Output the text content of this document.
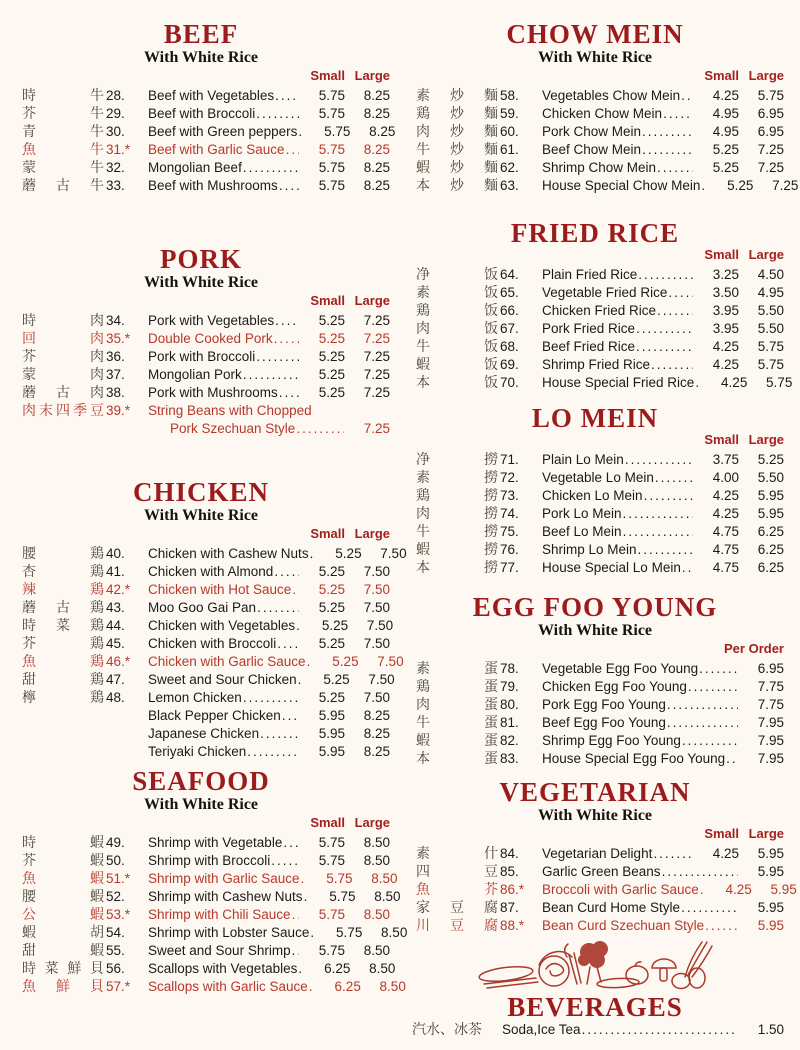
BEEF
With White Rice
Small Large
時	牛 28.	Beef with Vegetables .....	5.75	8.25
芥	牛 29.	Beef with Broccoli .....	5.75	8.25
青	牛 30.	Beef with Green peppers .....	5.75	8.25
魚	牛 31.*	Beef with Garlic Sauce .....	5.75	8.25
蒙	牛 32.	Mongolian Beef .....	5.75	8.25
蘑 古 牛 33.	Beef with Mushrooms .....	5.75	8.25
PORK
With White Rice
Small Large
時	肉 34.	Pork with Vegetables .....	5.25	7.25
回	肉 35.*	Double Cooked Pork .....	5.25	7.25
芥	肉 36.	Pork with Broccoli .....	5.25	7.25
蒙	肉 37.	Mongolian Pork .....	5.25	7.25
蘑 古 肉 38.	Pork with Mushrooms .....	5.25	7.25
肉 末 四 季 豆 39.*	String Beans with Chopped
Pork Szechuan Style .....	7.25
CHICKEN
With White Rice
Small Large
腰	鶏 40.	Chicken with Cashew Nuts .....	5.25	7.50
杏	鶏 41.	Chicken with Almond .....	5.25	7.50
辣	鶏 42.*	Chicken with Hot Sauce .....	5.25	7.50
蘑 古 鶏 43.	Moo Goo Gai Pan .....	5.25	7.50
時 菜 鶏 44.	Chicken with Vegetables .....	5.25	7.50
芥	鶏 45.	Chicken with Broccoli .....	5.25	7.50
魚	鶏 46.*	Chicken with Garlic Sauce .....	5.25	7.50
甜	鶏 47.	Sweet and Sour Chicken .....	5.25	7.50
檸	鶏 48.	Lemon Chicken .....	5.25	7.50
Black Pepper Chicken .....	5.95	8.25
Japanese Chicken .....	5.95	8.25
Teriyaki Chicken .....	5.95	8.25
SEAFOOD
With White Rice
Small Large
時	蝦 49.	Shrimp with Vegetable .....	5.75	8.50
芥	蝦 50.	Shrimp with Broccoli .....	5.75	8.50
魚	蝦 51.*	Shrimp with Garlic Sauce .....	5.75	8.50
腰	蝦 52.	Shrimp with Cashew Nuts .....	5.75	8.50
公	蝦 53.*	Shrimp with Chili Sauce .....	5.75	8.50
蝦	胡 54.	Shrimp with Lobster Sauce .....	5.75	8.50
甜	蝦 55.	Sweet and Sour Shrimp .....	5.75	8.50
時 菜 鮮 貝 56.	Scallops with Vegetables .....	6.25	8.50
魚 鮮 貝 57.*	Scallops with Garlic Sauce .....	6.25	8.50
CHOW MEIN
With White Rice
Small Large
素 炒 麵 58.	Vegetables Chow Mein .....	4.25	5.75
鶏 炒 麵 59.	Chicken Chow Mein .....	4.95	6.95
肉 炒 麵 60.	Pork Chow Mein .....	4.95	6.95
牛 炒 麵 61.	Beef Chow Mein .....	5.25	7.25
蝦 炒 麵 62.	Shrimp Chow Mein .....	5.25	7.25
本 炒 麵 63.	House Special Chow Mein .....	5.25	7.25
FRIED RICE
Small Large
净	饭 64.	Plain Fried Rice .....	3.25	4.50
素	饭 65.	Vegetable Fried Rice .....	3.50	4.95
鶏	饭 66.	Chicken Fried Rice .....	3.95	5.50
肉	饭 67.	Pork Fried Rice .....	3.95	5.50
牛	饭 68.	Beef Fried Rice .....	4.25	5.75
蝦	饭 69.	Shrimp Fried Rice .....	4.25	5.75
本	饭 70.	House Special Fried Rice .....	4.25	5.75
LO MEIN
Small Large
净	撈 71.	Plain Lo Mein .....	3.75	5.25
素	撈 72.	Vegetable Lo Mein .....	4.00	5.50
鶏	撈 73.	Chicken Lo Mein .....	4.25	5.95
肉	撈 74.	Pork Lo Mein .....	4.25	5.95
牛	撈 75.	Beef Lo Mein .....	4.75	6.25
蝦	撈 76.	Shrimp Lo Mein .....	4.75	6.25
本	撈 77.	House Special Lo Mein .....	4.75	6.25
EGG FOO YOUNG
With White Rice
Per Order
素	蛋 78.	Vegetable Egg Foo Young .....	6.95
鶏	蛋 79.	Chicken Egg Foo Young .....	7.75
肉	蛋 80.	Pork Egg Foo Young .....	7.75
牛	蛋 81.	Beef Egg Foo Young .....	7.95
蝦	蛋 82.	Shrimp Egg Foo Young .....	7.95
本	蛋 83.	House Special Egg Foo Young .....	7.95
VEGETARIAN
With White Rice
Small Large
素	什 84.	Vegetarian Delight .....	4.25	5.95
四	豆 85.	Garlic Green Beans .....	5.95
魚	芥 86.*	Broccoli with Garlic Sauce .....	4.25	5.95
家 豆 腐 87.	Bean Curd Home Style .....	5.95
川 豆 腐 88.*	Bean Curd Szechuan Style .....	5.95
BEVERAGES
汽水、冰茶 Soda,Ice Tea .....	1.50
